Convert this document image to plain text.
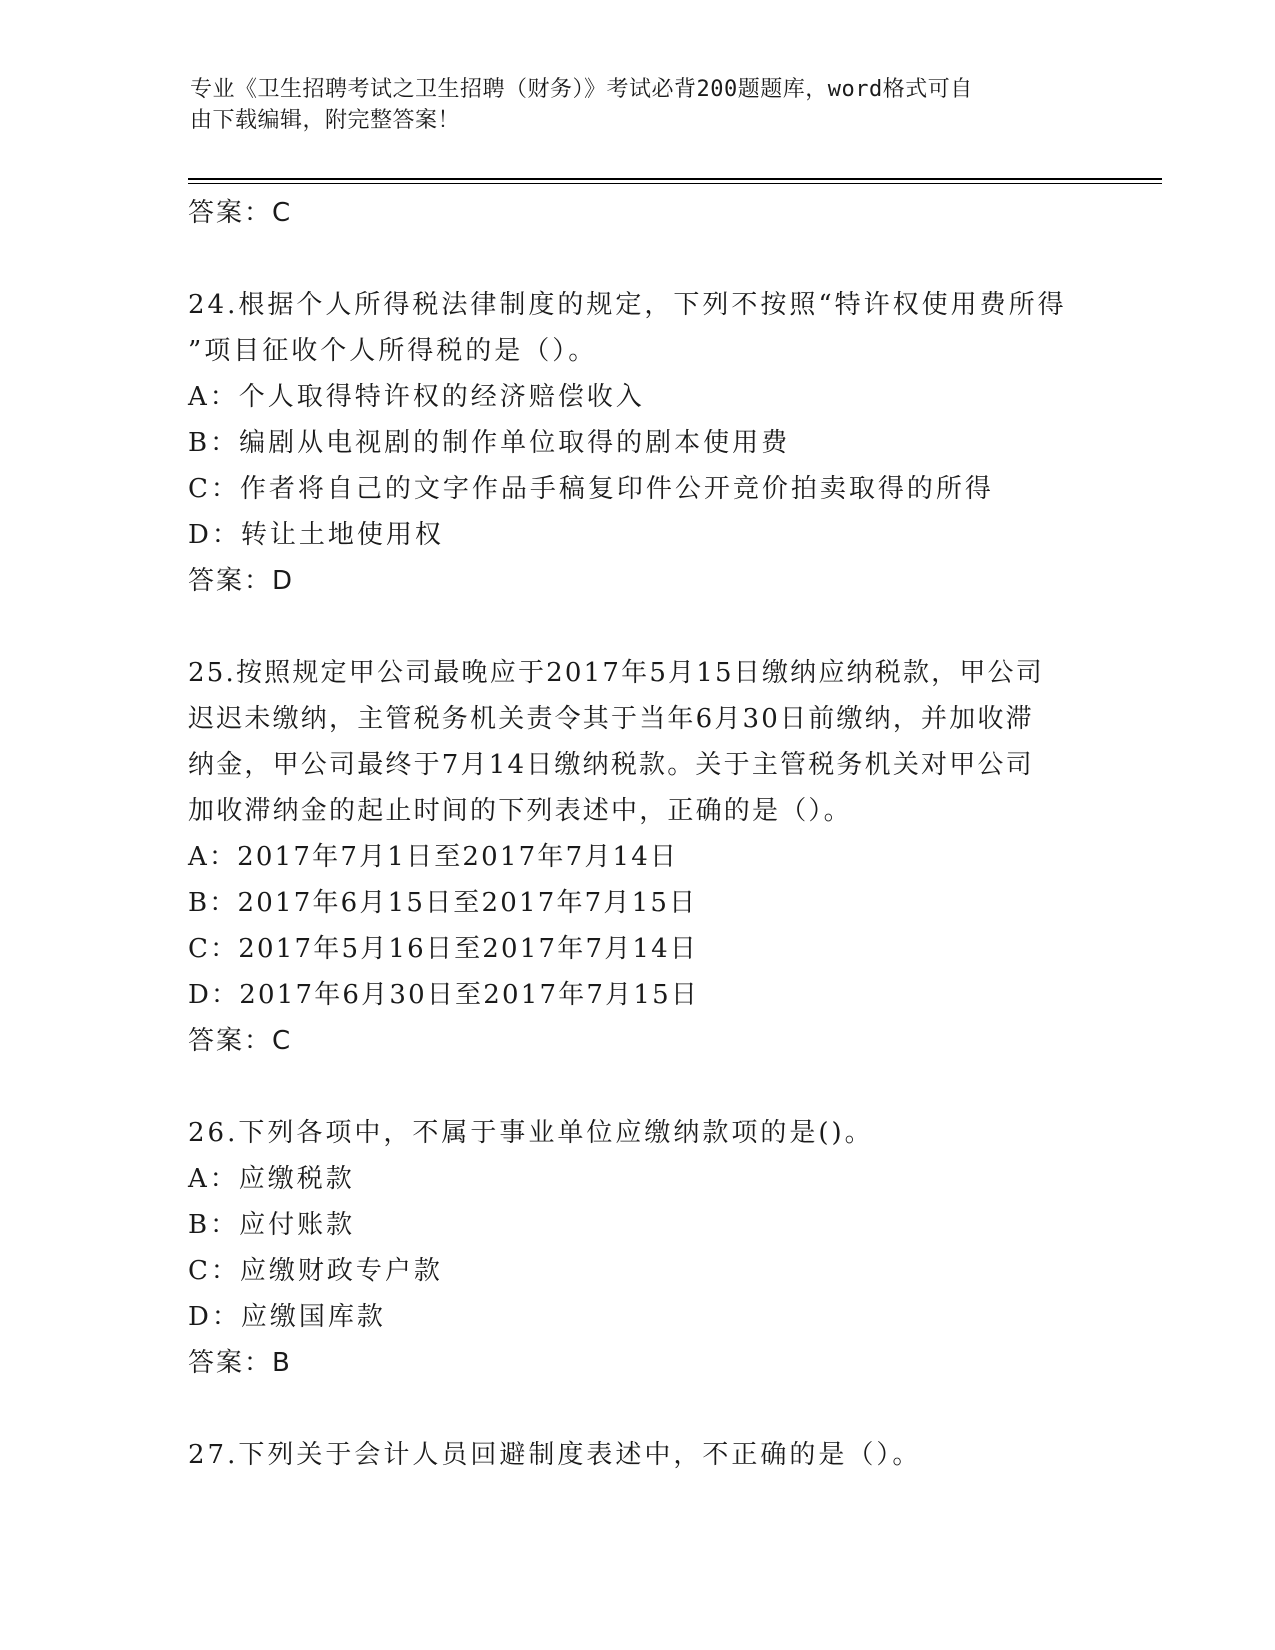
专业《卫生招聘考试之卫生招聘（财务）》考试必背200题题库，word格式可自
由下载编辑，附完整答案！
答案：C
24.根据个人所得税法律制度的规定，下列不按照“特许权使用费所得
”项目征收个人所得税的是（）。
A：个人取得特许权的经济赔偿收入
B：编剧从电视剧的制作单位取得的剧本使用费
C：作者将自己的文字作品手稿复印件公开竞价拍卖取得的所得
D：转让土地使用权
答案：D
25.按照规定甲公司最晚应于2017年5月15日缴纳应纳税款，甲公司
迟迟未缴纳，主管税务机关责令其于当年6月30日前缴纳，并加收滞
纳金，甲公司最终于7月14日缴纳税款。关于主管税务机关对甲公司
加收滞纳金的起止时间的下列表述中，正确的是（）。
A：2017年7月1日至2017年7月14日
B：2017年6月15日至2017年7月15日
C：2017年5月16日至2017年7月14日
D：2017年6月30日至2017年7月15日
答案：C
26.下列各项中，不属于事业单位应缴纳款项的是()。
A：应缴税款
B：应付账款
C：应缴财政专户款
D：应缴国库款
答案：B
27.下列关于会计人员回避制度表述中，不正确的是（）。
